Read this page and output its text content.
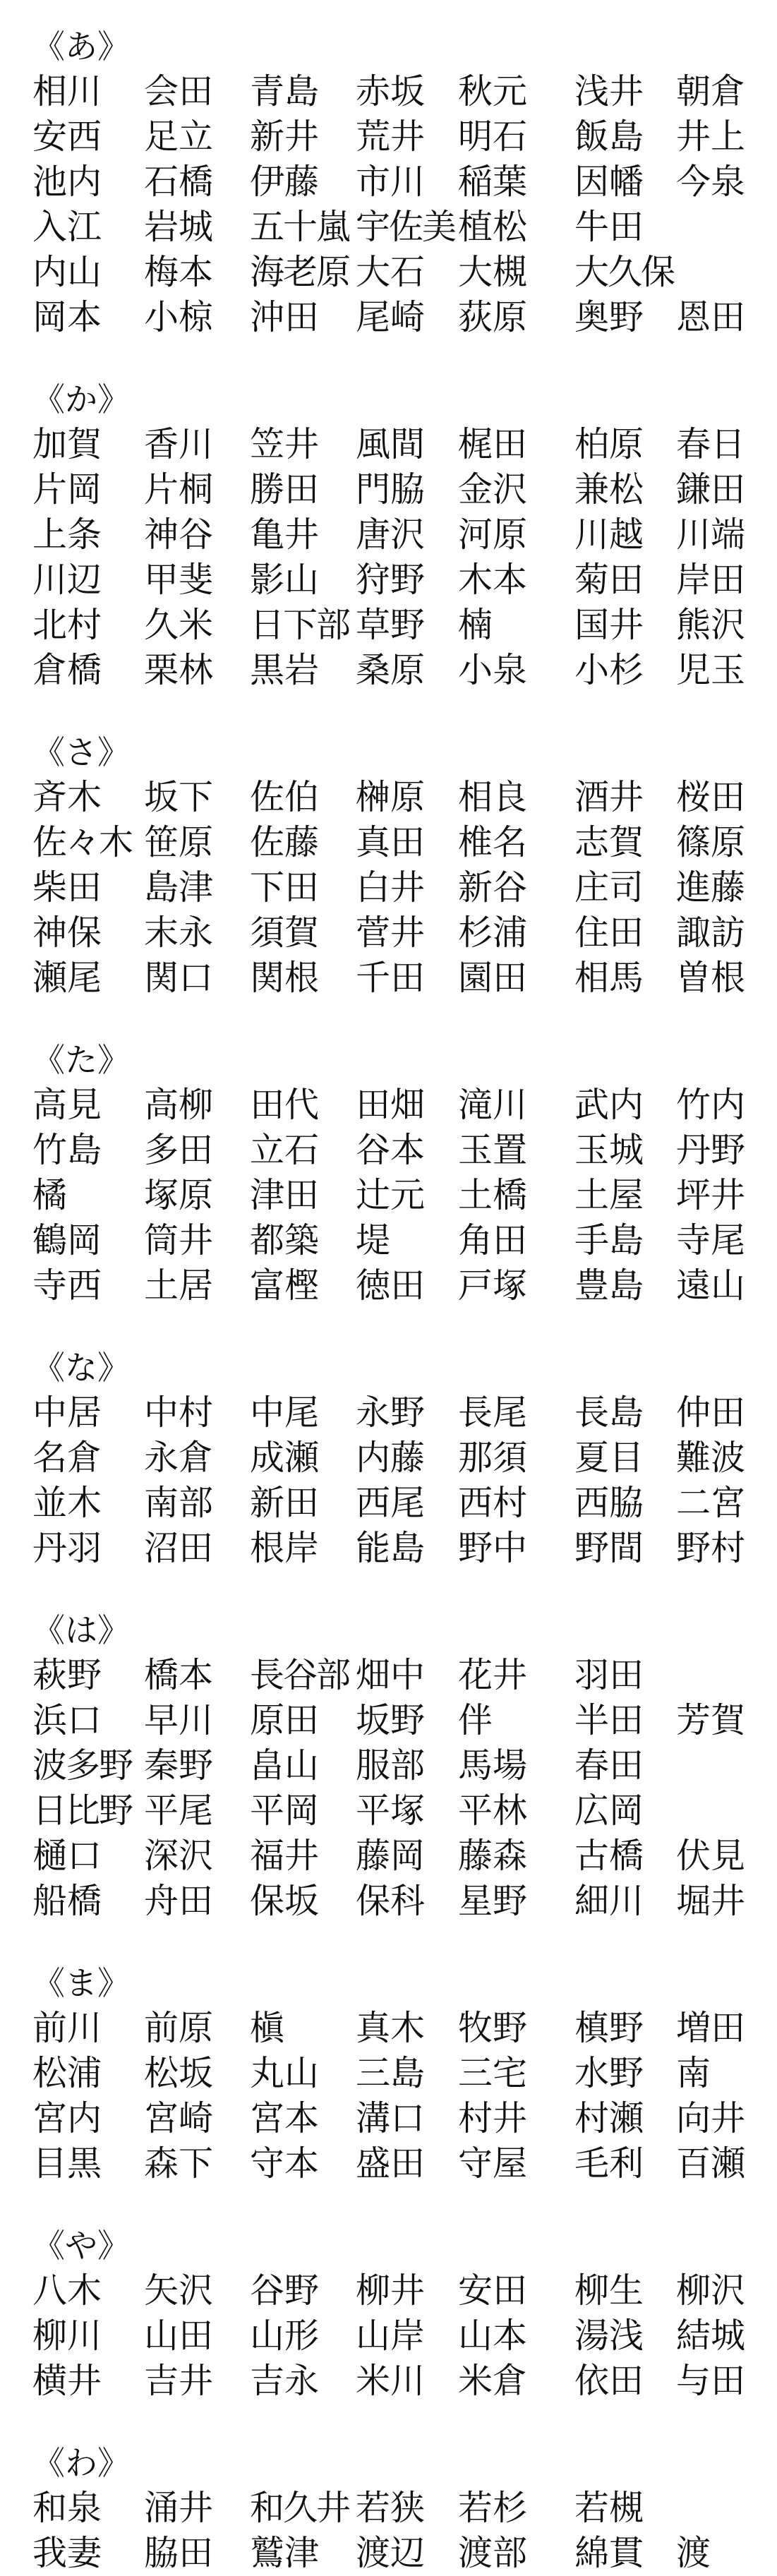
《あ》
相川 会田 青島 赤坂 秋元 浅井 朝倉
安西 足立 新井 荒井 明石 飯島 井上
池内 石橋 伊藤 市川 稲葉 因幡 今泉
入江 岩城 五十嵐 宇佐美 植松 牛田
内山 梅本 海老原 大石 大槻 大久保
岡本 小椋 沖田 尾崎 荻原 奥野 恩田
《か》
加賀 香川 笠井 風間 梶田 柏原 春日
片岡 片桐 勝田 門脇 金沢 兼松 鎌田
上条 神谷 亀井 唐沢 河原 川越 川端
川辺 甲斐 影山 狩野 木本 菊田 岸田
北村 久米 日下部 草野 楠 国井 熊沢
倉橋 栗林 黒岩 桑原 小泉 小杉 児玉
《さ》
斉木 坂下 佐伯 榊原 相良 酒井 桜田
佐々木 笹原 佐藤 真田 椎名 志賀 篠原
柴田 島津 下田 白井 新谷 庄司 進藤
神保 末永 須賀 菅井 杉浦 住田 諏訪
瀬尾 関口 関根 千田 園田 相馬 曽根
《た》
高見 高柳 田代 田畑 滝川 武内 竹内
竹島 多田 立石 谷本 玉置 玉城 丹野
橘 塚原 津田 辻元 土橋 土屋 坪井
鶴岡 筒井 都築 堤 角田 手島 寺尾
寺西 土居 富樫 徳田 戸塚 豊島 遠山
《な》
中居 中村 中尾 永野 長尾 長島 仲田
名倉 永倉 成瀬 内藤 那須 夏目 難波
並木 南部 新田 西尾 西村 西脇 二宮
丹羽 沼田 根岸 能島 野中 野間 野村
《は》
萩野 橋本 長谷部 畑中 花井 羽田
浜口 早川 原田 坂野 伴 半田 芳賀
波多野 秦野 畠山 服部 馬場 春田
日比野 平尾 平岡 平塚 平林 広岡
樋口 深沢 福井 藤岡 藤森 古橋 伏見
船橋 舟田 保坂 保科 星野 細川 堀井
《ま》
前川 前原 槇 真木 牧野 槙野 増田
松浦 松坂 丸山 三島 三宅 水野 南
宮内 宮崎 宮本 溝口 村井 村瀬 向井
目黒 森下 守本 盛田 守屋 毛利 百瀬
《や》
八木 矢沢 谷野 柳井 安田 柳生 柳沢
柳川 山田 山形 山岸 山本 湯浅 結城
横井 吉井 吉永 米川 米倉 依田 与田
《わ》
和泉 涌井 和久井 若狭 若杉 若槻
我妻 脇田 鷲津 渡辺 渡部 綿貫 渡
